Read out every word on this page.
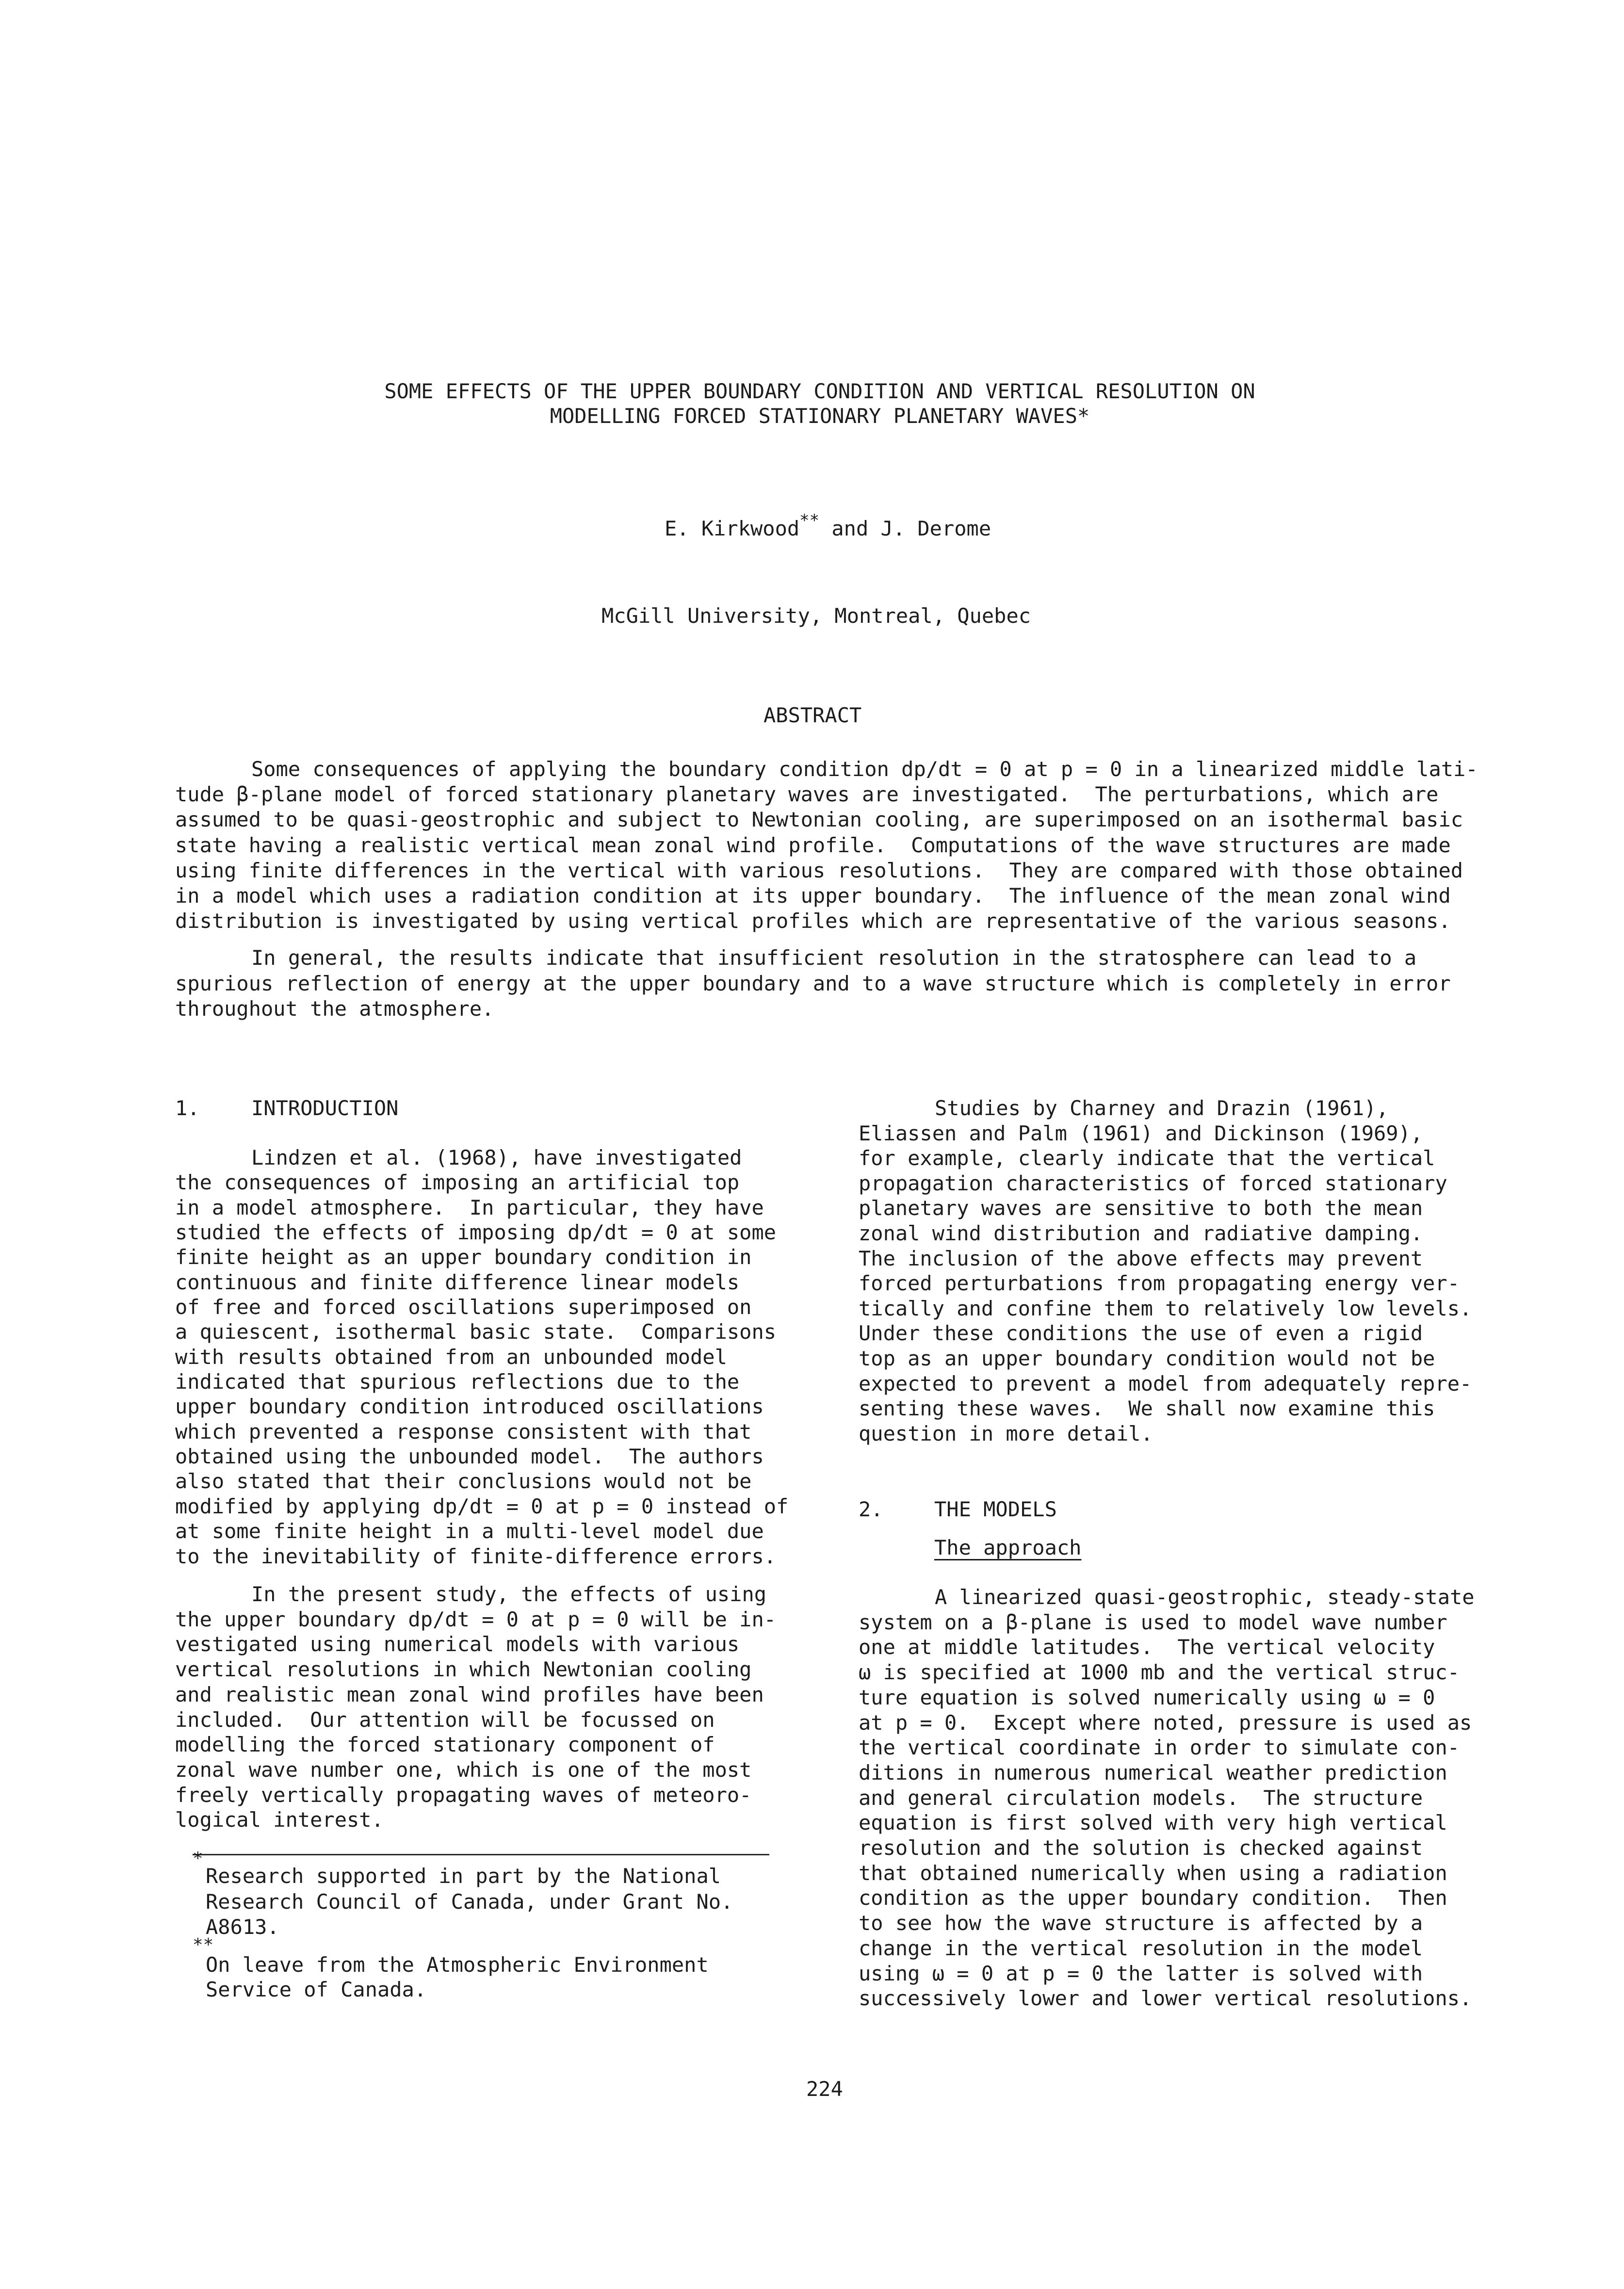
SOME EFFECTS OF THE UPPER BOUNDARY CONDITION AND VERTICAL RESOLUTION ON
MODELLING FORCED STATIONARY PLANETARY WAVES*
E. Kirkwood** and J. Derome
McGill University, Montreal, Quebec
ABSTRACT
Some consequences of applying the boundary condition dp/dt = 0 at p = 0 in a linearized middle lati-
tude β-plane model of forced stationary planetary waves are investigated.  The perturbations, which are
assumed to be quasi-geostrophic and subject to Newtonian cooling, are superimposed on an isothermal basic
state having a realistic vertical mean zonal wind profile.  Computations of the wave structures are made
using finite differences in the vertical with various resolutions.  They are compared with those obtained
in a model which uses a radiation condition at its upper boundary.  The influence of the mean zonal wind
distribution is investigated by using vertical profiles which are representative of the various seasons.
In general, the results indicate that insufficient resolution in the stratosphere can lead to a
spurious reflection of energy at the upper boundary and to a wave structure which is completely in error
throughout the atmosphere.
1.	INTRODUCTION
Lindzen et al. (1968), have investigated
the consequences of imposing an artificial top
in a model atmosphere.  In particular, they have
studied the effects of imposing dp/dt = 0 at some
finite height as an upper boundary condition in
continuous and finite difference linear models
of free and forced oscillations superimposed on
a quiescent, isothermal basic state.  Comparisons
with results obtained from an unbounded model
indicated that spurious reflections due to the
upper boundary condition introduced oscillations
which prevented a response consistent with that
obtained using the unbounded model.  The authors
also stated that their conclusions would not be
modified by applying dp/dt = 0 at p = 0 instead of
at some finite height in a multi-level model due
to the inevitability of finite-difference errors.
In the present study, the effects of using
the upper boundary dp/dt = 0 at p = 0 will be in-
vestigated using numerical models with various
vertical resolutions in which Newtonian cooling
and realistic mean zonal wind profiles have been
included.  Our attention will be focussed on
modelling the forced stationary component of
zonal wave number one, which is one of the most
freely vertically propagating waves of meteoro-
logical interest.
*
Research supported in part by the National
Research Council of Canada, under Grant No.
A8613.
**
On leave from the Atmospheric Environment
Service of Canada.
Studies by Charney and Drazin (1961),
Eliassen and Palm (1961) and Dickinson (1969),
for example, clearly indicate that the vertical
propagation characteristics of forced stationary
planetary waves are sensitive to both the mean
zonal wind distribution and radiative damping.
The inclusion of the above effects may prevent
forced perturbations from propagating energy ver-
tically and confine them to relatively low levels.
Under these conditions the use of even a rigid
top as an upper boundary condition would not be
expected to prevent a model from adequately repre-
senting these waves.  We shall now examine this
question in more detail.
2.	THE MODELS
The approach
A linearized quasi-geostrophic, steady-state
system on a β-plane is used to model wave number
one at middle latitudes.  The vertical velocity
ω is specified at 1000 mb and the vertical struc-
ture equation is solved numerically using ω = 0
at p = 0.  Except where noted, pressure is used as
the vertical coordinate in order to simulate con-
ditions in numerous numerical weather prediction
and general circulation models.  The structure
equation is first solved with very high vertical
resolution and the solution is checked against
that obtained numerically when using a radiation
condition as the upper boundary condition.  Then
to see how the wave structure is affected by a
change in the vertical resolution in the model
using ω = 0 at p = 0 the latter is solved with
successively lower and lower vertical resolutions.
224
